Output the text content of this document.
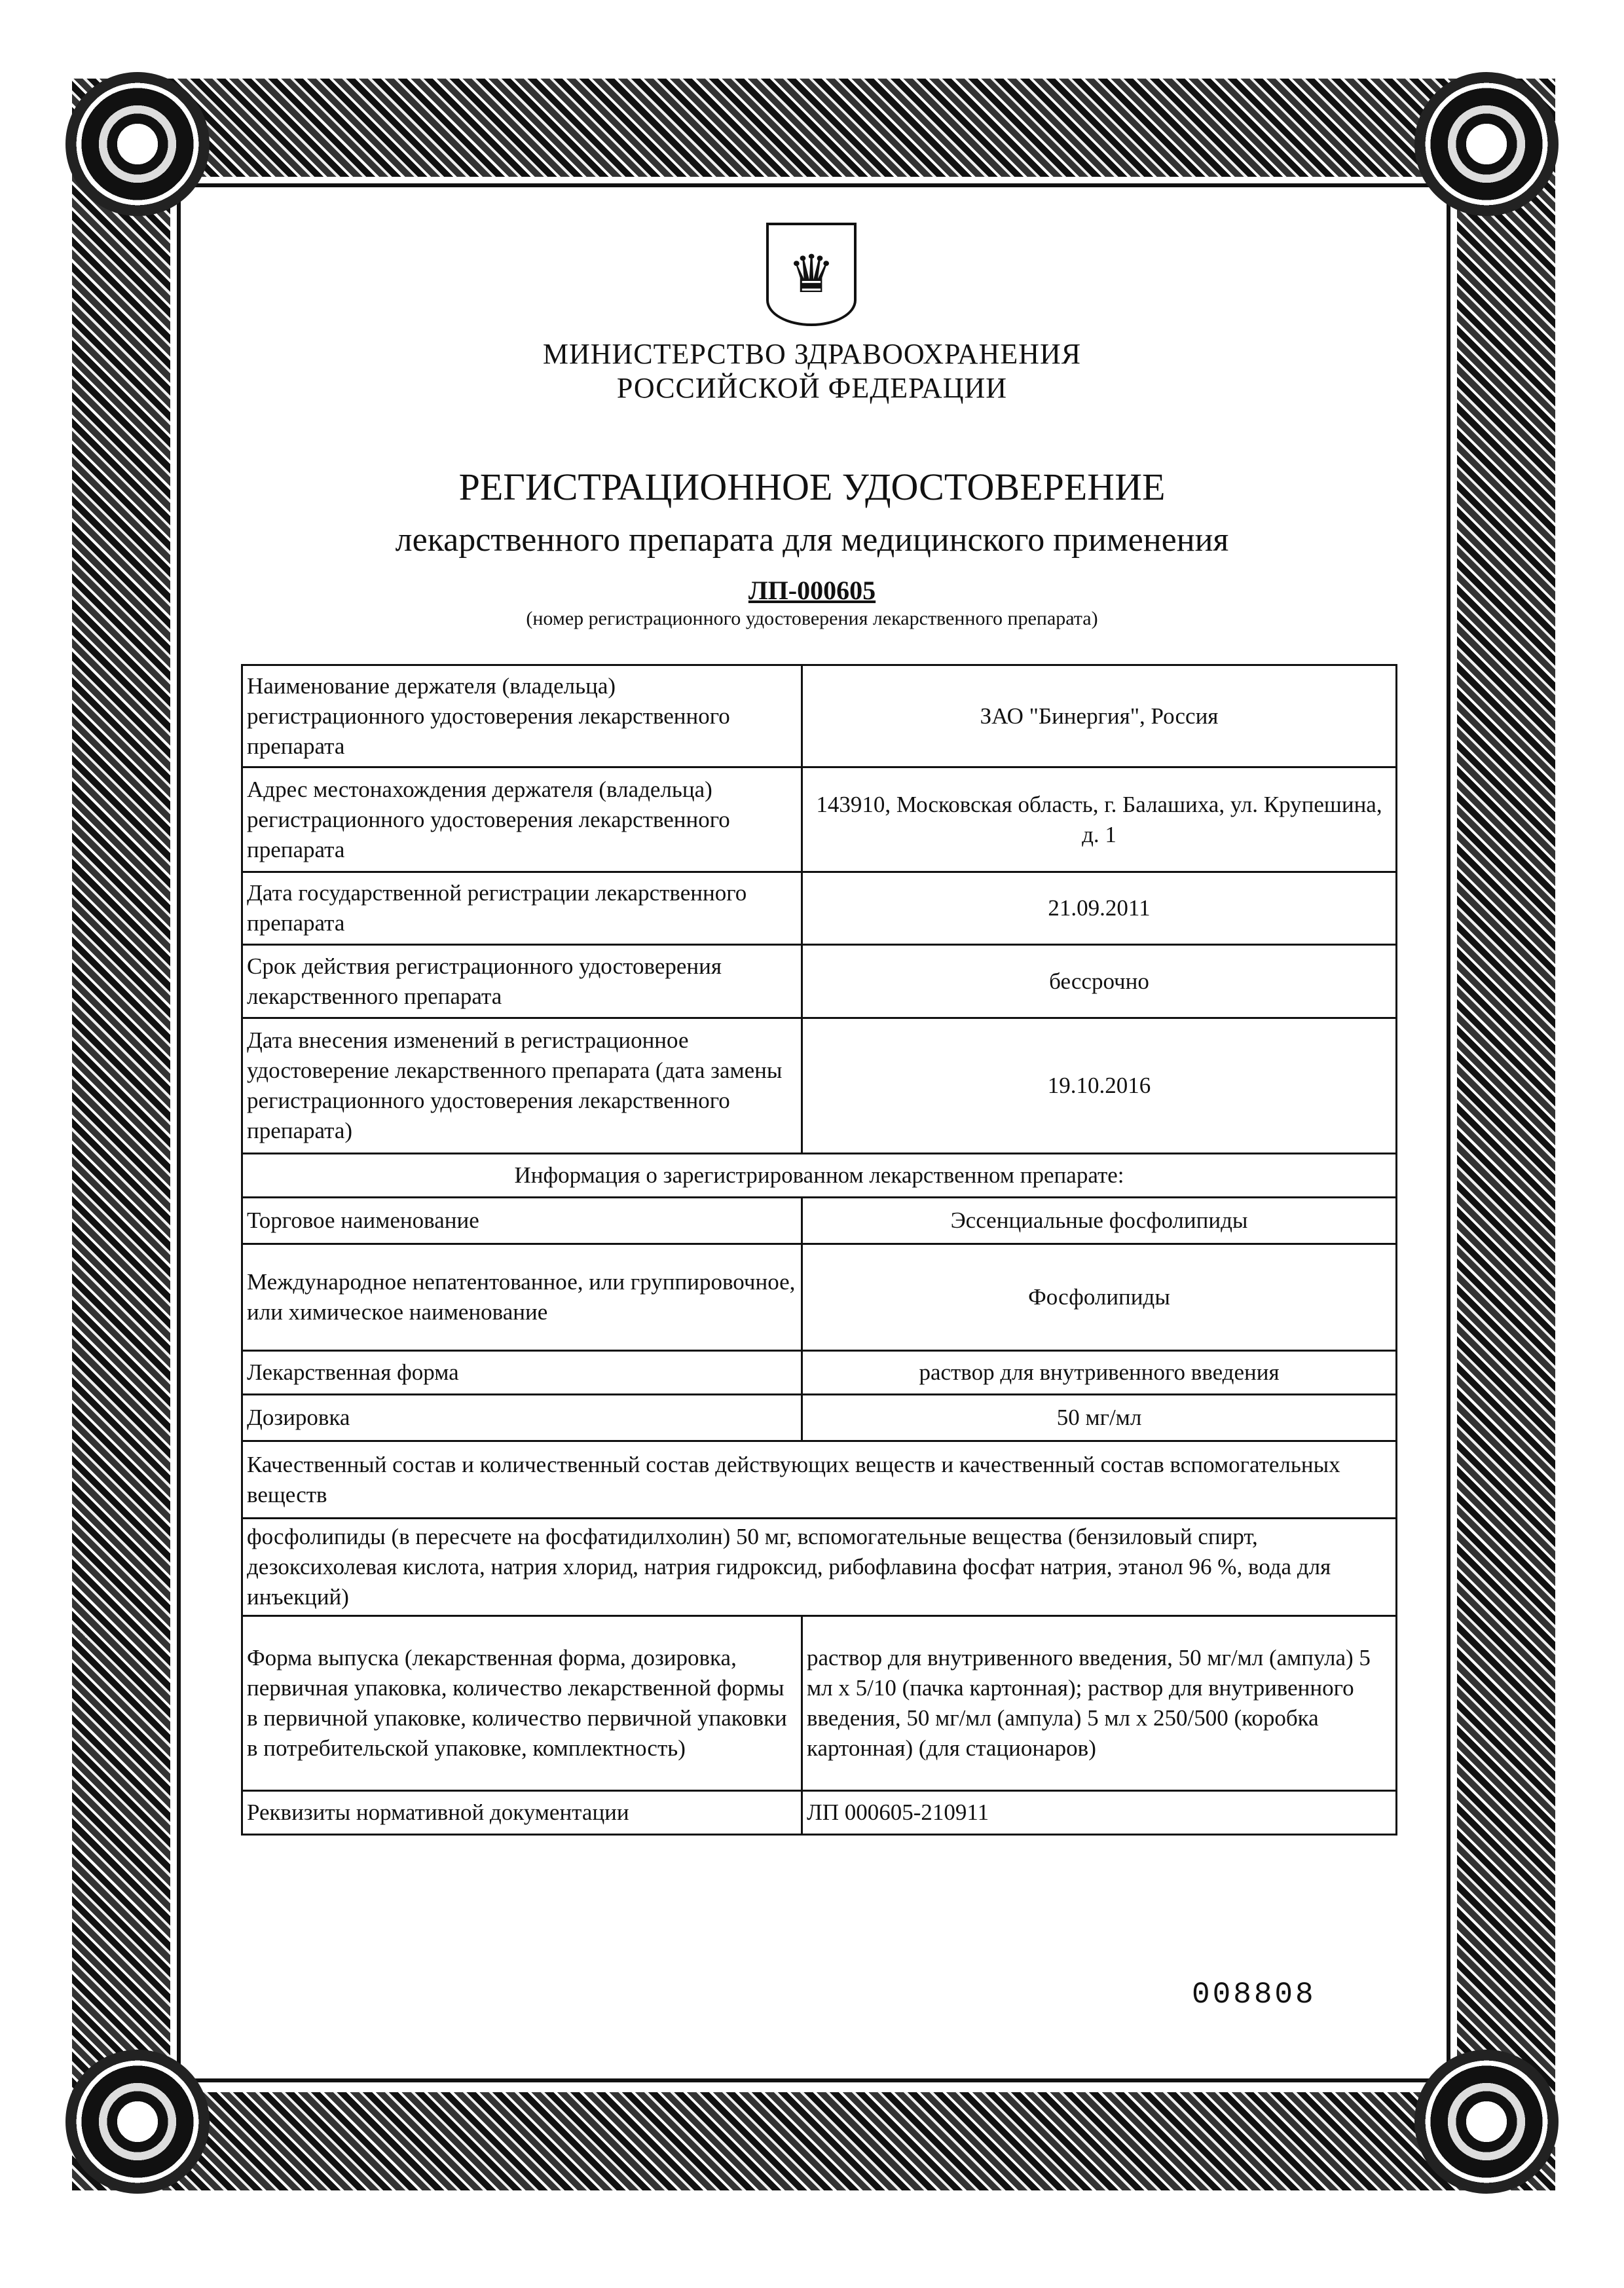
♛
МИНИСТЕРСТВО ЗДРАВООХРАНЕНИЯ
РОССИЙСКОЙ ФЕДЕРАЦИИ
РЕГИСТРАЦИОННОЕ УДОСТОВЕРЕНИЕ
лекарственного препарата для медицинского применения
ЛП-000605
(номер регистрационного удостоверения лекарственного препарата)
Наименование держателя (владельца) регистрационного удостоверения лекарственного препарата	ЗАО "Бинергия", Россия
Адрес местонахождения держателя (владельца) регистрационного удостоверения лекарственного препарата	143910, Московская область, г. Балашиха, ул. Крупешина, д. 1
Дата государственной регистрации лекарственного препарата	21.09.2011
Срок действия регистрационного удостоверения лекарственного препарата	бессрочно
Дата внесения изменений в регистрационное удостоверение лекарственного препарата (дата замены регистрационного удостоверения лекарственного препарата)	19.10.2016
Информация о зарегистрированном лекарственном препарате:	
Торговое наименование	Эссенциальные фосфолипиды
Международное непатентованное, или группировочное, или химическое наименование	Фосфолипиды
Лекарственная форма	раствор для внутривенного введения
Дозировка	50 мг/мл
Качественный состав и количественный состав действующих веществ и качественный состав вспомогательных веществ	
фосфолипиды (в пересчете на фосфатидилхолин) 50 мг, вспомогательные вещества (бензиловый спирт, дезоксихолевая кислота, натрия хлорид, натрия гидроксид, рибофлавина фосфат натрия, этанол 96 %, вода для инъекций)	
Форма выпуска (лекарственная форма, дозировка, первичная упаковка, количество лекарственной формы в первичной упаковке, количество первичной упаковки в потребительской упаковке, комплектность)	раствор для внутривенного введения, 50 мг/мл (ампула) 5 мл х 5/10 (пачка картонная); раствор для внутривенного введения, 50 мг/мл (ампула) 5 мл х 250/500 (коробка картонная) (для стационаров)
Реквизиты нормативной документации	ЛП 000605-210911
008808
